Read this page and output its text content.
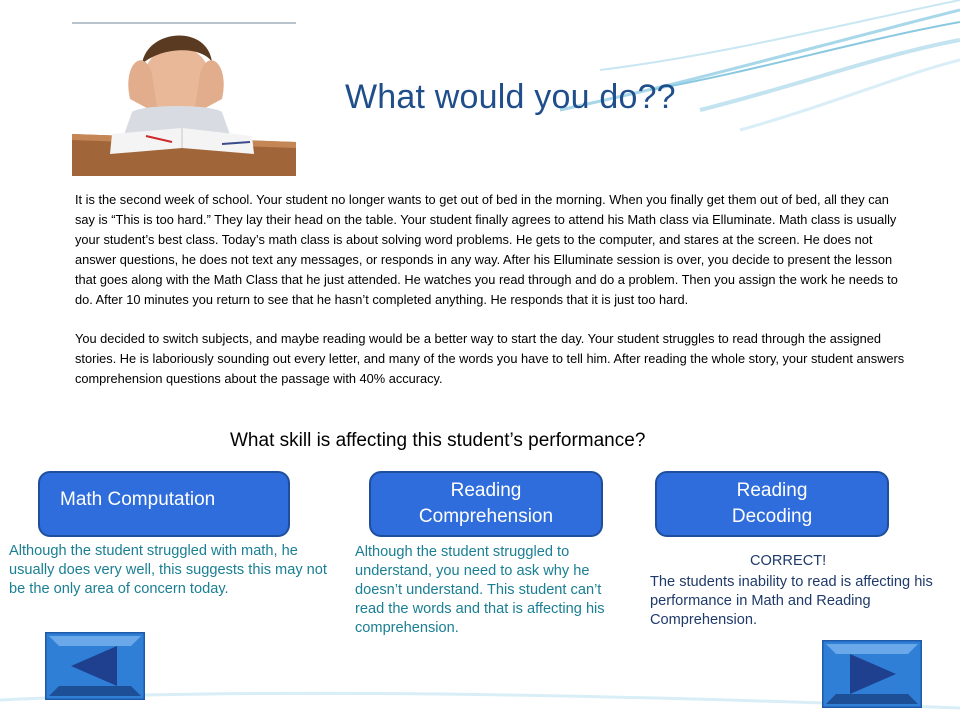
What would you do??

It is the second week of school. Your student no longer wants to get out of bed in the morning. When you finally get them out of bed, all they can say is “This is too hard.” They lay their head on the table. Your student finally agrees to attend his Math class via Elluminate. Math class is usually your student’s best class. Today’s math class is about solving word problems. He gets to the computer, and stares at the screen. He does not answer questions, he does not text any messages, or responds in any way. After his Elluminate session is over, you decide to present the lesson that goes along with the Math Class that he just attended. He watches you read through and do a problem. Then you assign the work he needs to do. After 10 minutes you return to see that he hasn’t completed anything. He responds that it is just too hard.

You decided to switch subjects, and maybe reading would be a better way to start the day. Your student struggles to read through the assigned stories. He is laboriously sounding out every letter, and many of the words you have to tell him. After reading the whole story, your student answers comprehension questions about the passage with 40% accuracy.

What skill is affecting this student’s performance?
Math Computation	Reading
Comprehension
Reading
Decoding
Although the student struggled with math, he usually does very well, this suggests this may not be the only area of concern today.
Although the student struggled to understand, you need to ask why he doesn’t understand. This student can’t read the words and that is affecting his comprehension.
CORRECT!
The students inability to read is affecting his performance in Math and Reading Comprehension.
